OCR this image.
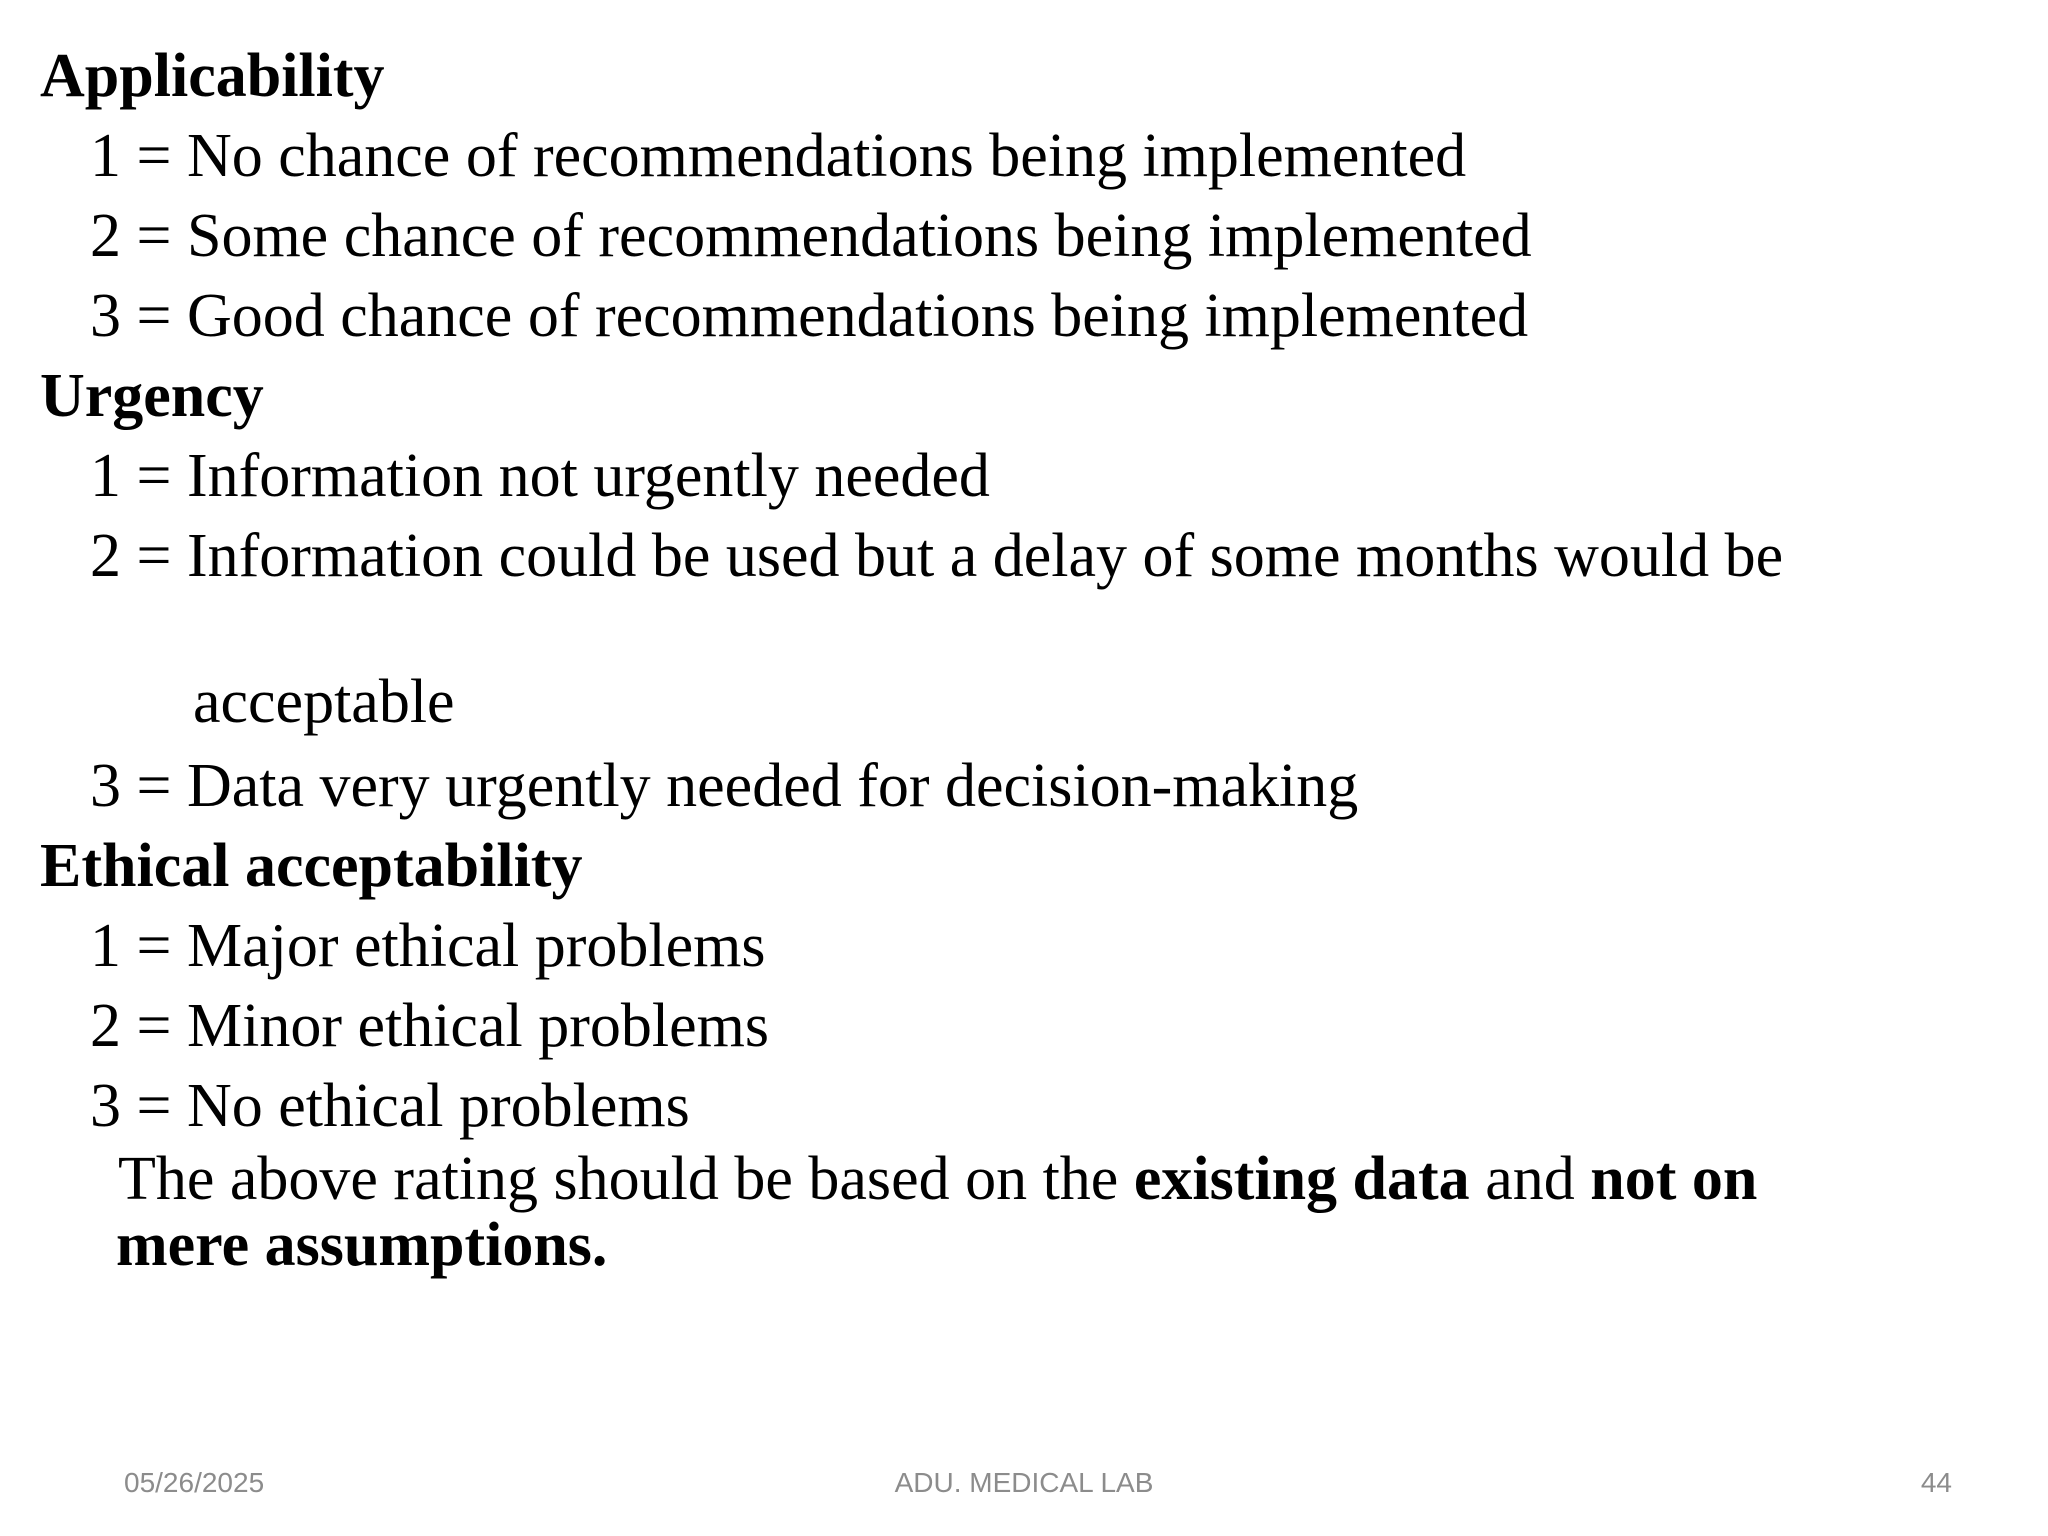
Applicability
1 = No chance of recommendations being implemented
2 = Some chance of recommendations being implemented
3 = Good chance of recommendations being implemented
Urgency
1 = Information not urgently needed
2 = Information could be used but a delay of some months would be
acceptable
3 = Data very urgently needed for decision-making
Ethical acceptability
1 = Major ethical problems
2 = Minor ethical problems
3 = No ethical problems
The above rating should be based on the existing data and not on
mere assumptions.
05/26/2025	ADU. MEDICAL LAB	44
